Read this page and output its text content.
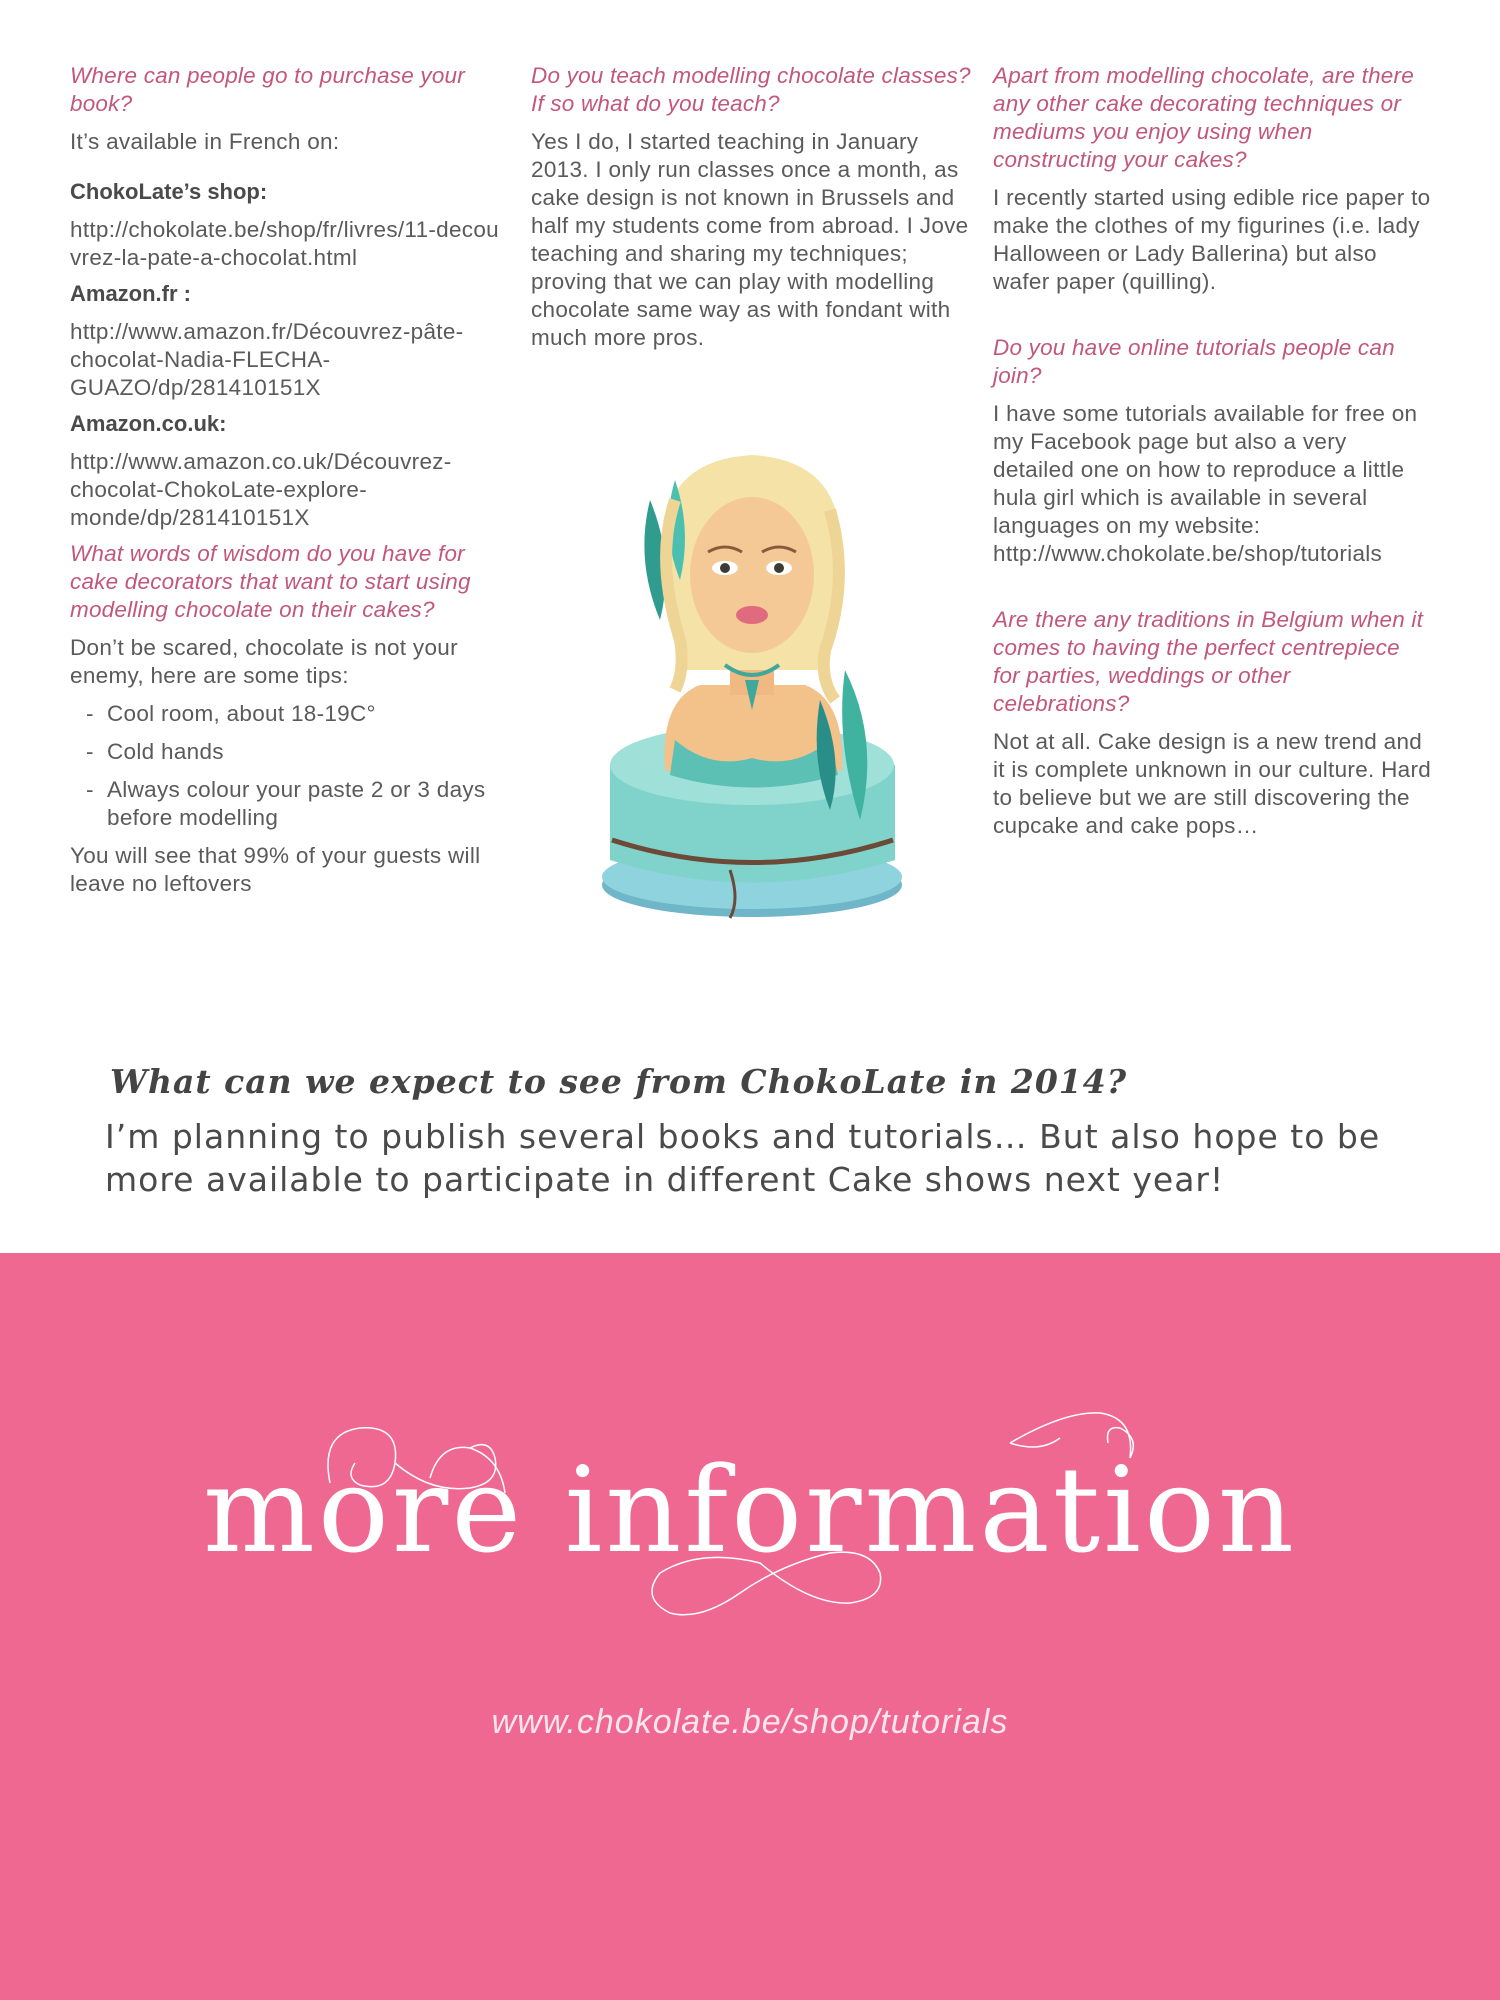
Where can people go to purchase your book?

It’s available in French on:

ChokoLate’s shop:

http://chokolate.be/shop/fr/livres/11-decouvrez-la-pate-a-chocolat.html

Amazon.fr :

http://www.amazon.fr/Découvrez-pâte-chocolat-Nadia-FLECHA-GUAZO/dp/281410151X

Amazon.co.uk:

http://www.amazon.co.uk/Découvrez-chocolat-ChokoLate-explore-monde/dp/281410151X

What words of wisdom do you have for cake decorators that want to start using modelling chocolate on their cakes?

Don’t be scared, chocolate is not your enemy, here are some tips:

- Cool room, about 18-19C°
- Cold hands
- Always colour your paste 2 or 3 days before modelling

You will see that 99% of your guests will leave no leftovers

Do you teach modelling chocolate classes? If so what do you teach?

Yes I do, I started teaching in January 2013. I only run classes once a month, as cake design is not known in Brussels and half my students come from abroad. I Jove teaching and sharing my techniques; proving that we can play with modelling chocolate same way as with fondant with much more pros.

Apart from modelling chocolate, are there any other cake decorating techniques or mediums you enjoy using when constructing your cakes?

I recently started using edible rice paper to make the clothes of my figurines (i.e. lady Halloween or Lady Ballerina) but also wafer paper (quilling).

Do you have online tutorials people can join?

I have some tutorials available for free on my Facebook page but also a very detailed one on how to reproduce a little hula girl which is available in several languages on my website: http://www.chokolate.be/shop/tutorials

Are there any traditions in Belgium when it comes to having the perfect centrepiece for parties, weddings or other celebrations?

Not at all. Cake design is a new trend and it is complete unknown in our culture. Hard to believe but we are still discovering the cupcake and cake pops…

What can we expect to see from ChokoLate in 2014?

I’m planning to publish several books and tutorials… But also hope to be more available to participate in different Cake shows next year!

more information
www.chokolate.be/shop/tutorials
